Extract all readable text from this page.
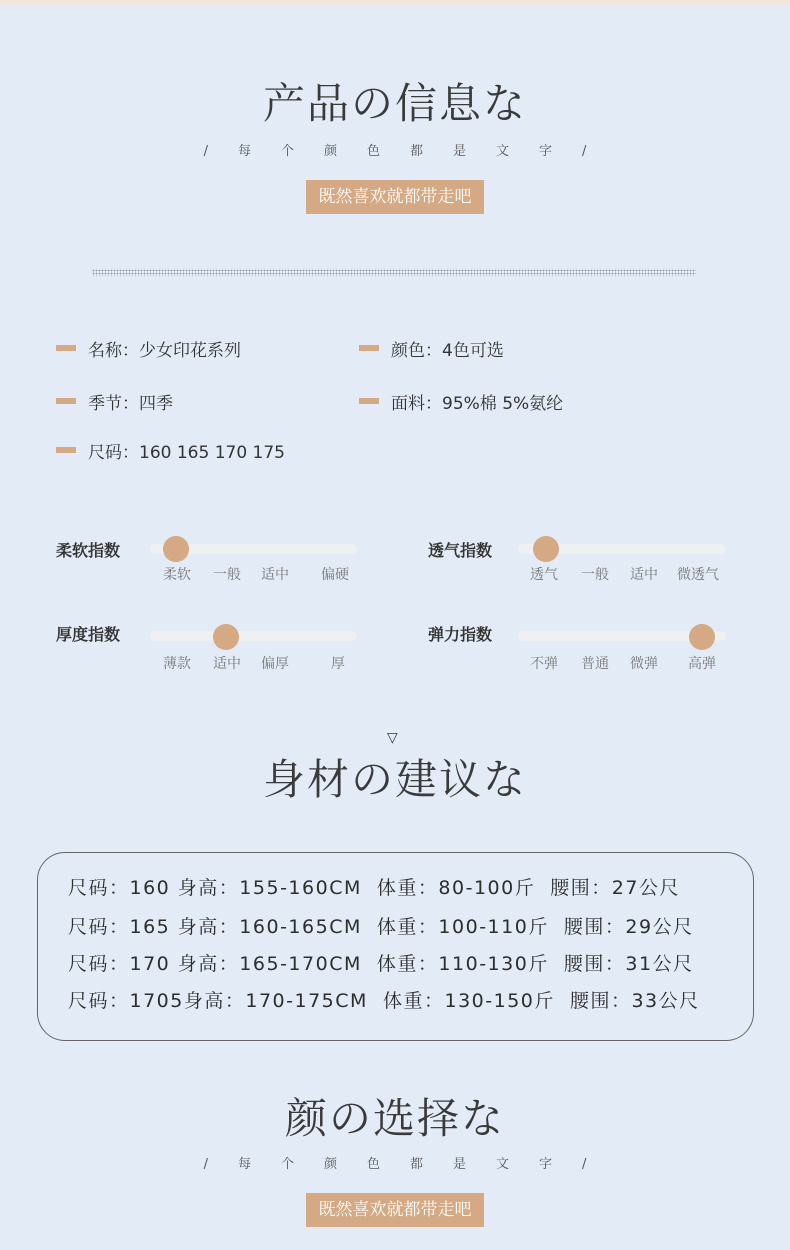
产品の信息な
/每个颜色都是文字/
既然喜欢就都带走吧
名称：少女印花系列	颜色：4色可选
季节：四季	面料：95%棉 5%氨纶
尺码：160 165 170 175
柔软指数
柔软 一般 适中 偏硬
透气指数
透气 一般 适中 微透气
厚度指数
薄款 适中 偏厚	厚
弹力指数
不弹 普通 微弹 高弹
▽
身材の建议な
尺码：160 身高：155-160CM  体重：80-100斤  腰围：27公尺
尺码：165 身高：160-165CM  体重：100-110斤  腰围：29公尺
尺码：170 身高：165-170CM  体重：110-130斤  腰围：31公尺
尺码：1705身高：170-175CM  体重：130-150斤  腰围：33公尺
颜の选择な
/每个颜色都是文字/
既然喜欢就都带走吧
